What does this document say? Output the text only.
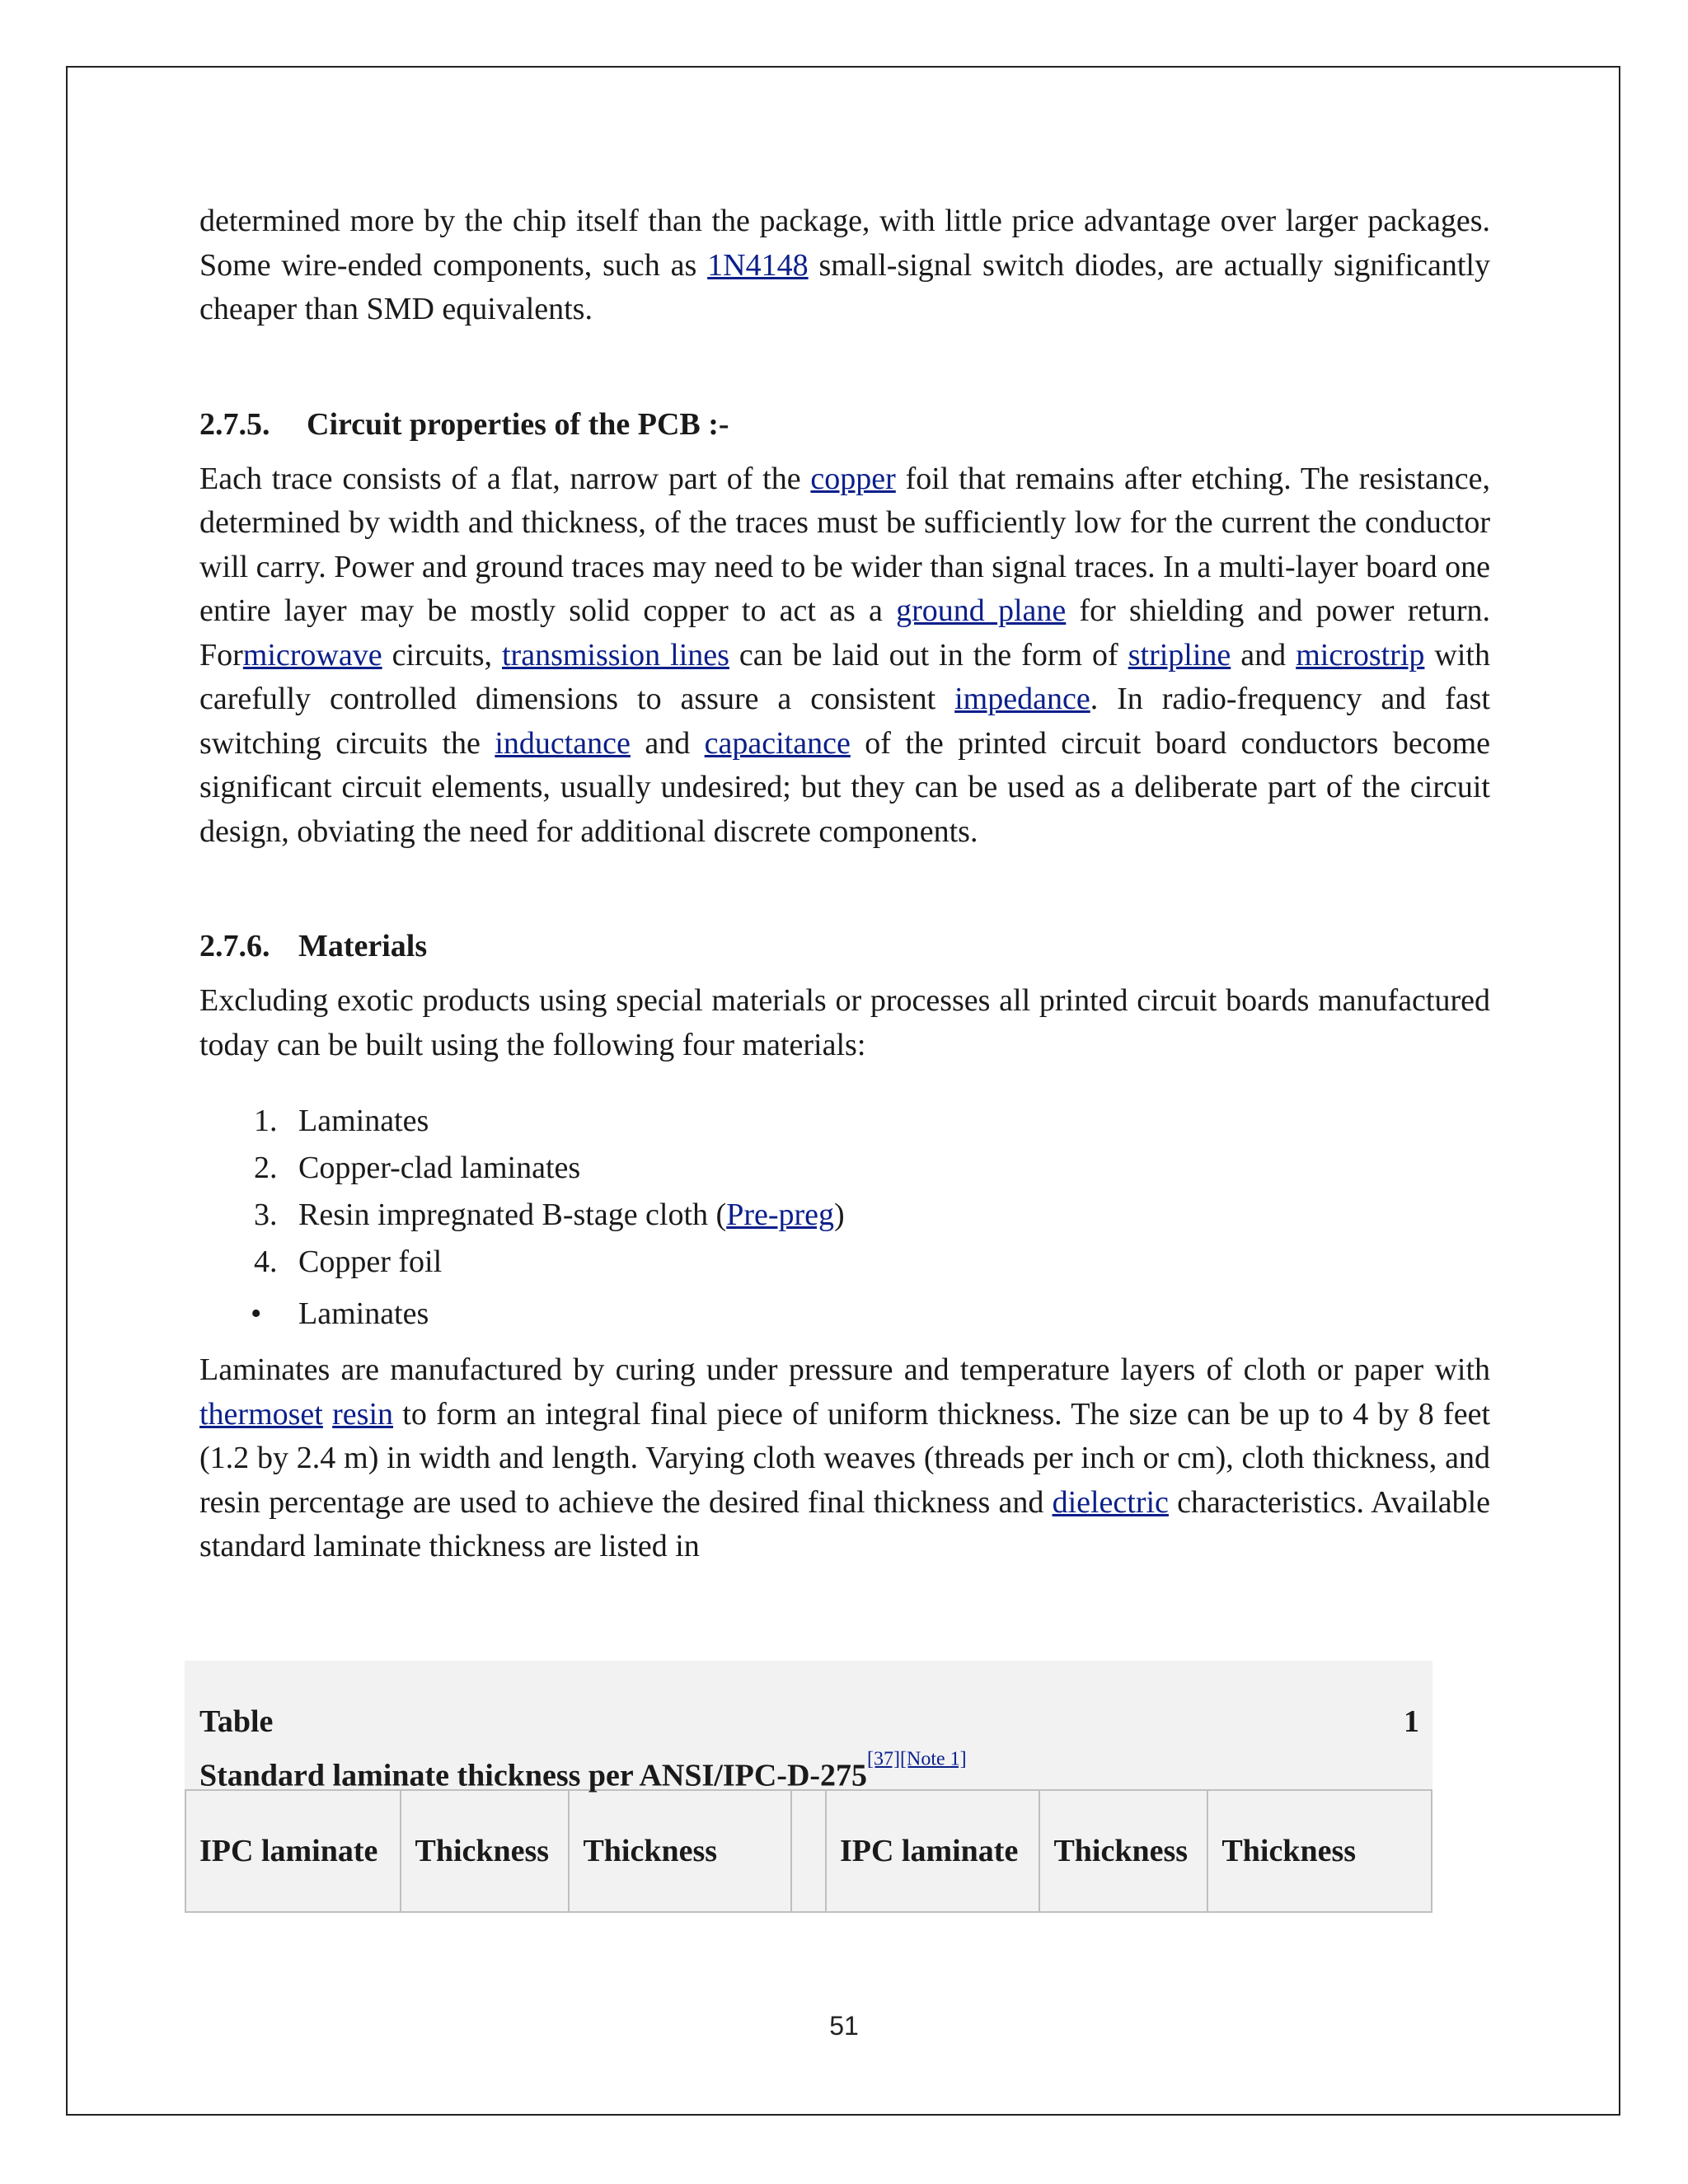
determined more by the chip itself than the package, with little price advantage over larger packages. Some wire-ended components, such as 1N4148 small-signal switch diodes, are actually significantly cheaper than SMD equivalents.

2.7.5. Circuit properties of the PCB :-

Each trace consists of a flat, narrow part of the copper foil that remains after etching. The resistance, determined by width and thickness, of the traces must be sufficiently low for the current the conductor will carry. Power and ground traces may need to be wider than signal traces. In a multi-layer board one entire layer may be mostly solid copper to act as a ground plane for shielding and power return. Formicrowave circuits, transmission lines can be laid out in the form of stripline and microstrip with carefully controlled dimensions to assure a consistent impedance. In radio-frequency and fast switching circuits the inductance and capacitance of the printed circuit board conductors become significant circuit elements, usually undesired; but they can be used as a deliberate part of the circuit design, obviating the need for additional discrete components.

2.7.6. Materials

Excluding exotic products using special materials or processes all printed circuit boards manufactured today can be built using the following four materials:

1. Laminates
2. Copper-clad laminates
3. Resin impregnated B-stage cloth (Pre-preg)
4. Copper foil
• Laminates

Laminates are manufactured by curing under pressure and temperature layers of cloth or paper with thermoset resin to form an integral final piece of uniform thickness. The size can be up to 4 by 8 feet (1.2 by 2.4 m) in width and length. Varying cloth weaves (threads per inch or cm), cloth thickness, and resin percentage are used to achieve the desired final thickness and dielectric characteristics. Available standard laminate thickness are listed in

Table	1
Standard laminate thickness per ANSI/IPC-D-275[37][Note 1]
IPC laminate	Thickness	Thickness		IPC laminate	Thickness	Thickness
51
